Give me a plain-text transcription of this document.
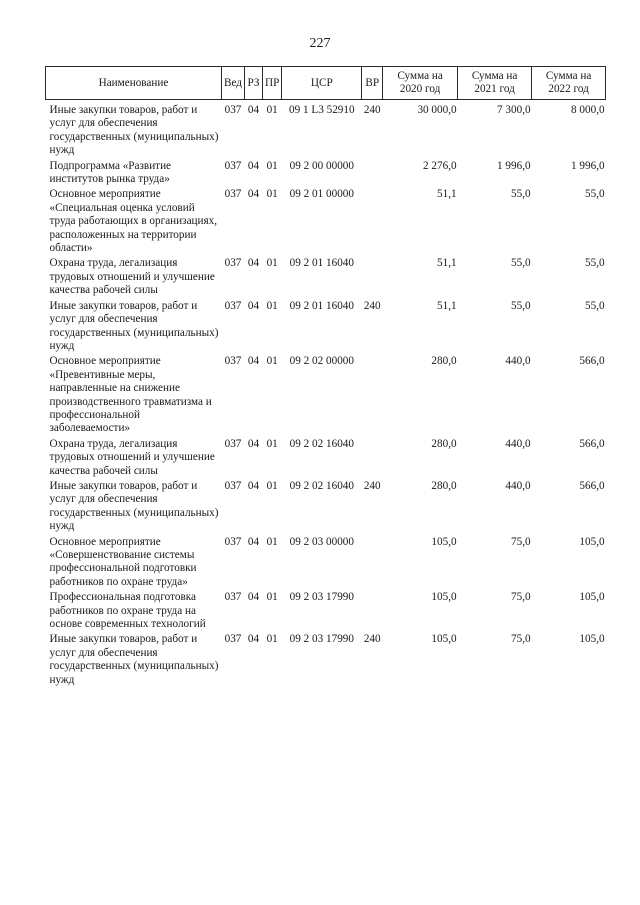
227
Наименование	Вед	РЗ	ПР	ЦСР	ВР	Сумма на 2020 год	Сумма на 2021 год	Сумма на 2022 год
Иные закупки товаров, работ и услуг для обеспечения государственных (муниципальных) нужд	037	04	01	09 1 L3 52910	240	30 000,0	7 300,0	8 000,0
Подпрограмма «Развитие институтов рынка труда»	037	04	01	09 2 00 00000		2 276,0	1 996,0	1 996,0
Основное мероприятие «Специальная оценка условий труда работающих в организациях, расположенных на территории области»	037	04	01	09 2 01 00000		51,1	55,0	55,0
Охрана труда, легализация трудовых отношений и улучшение качества рабочей силы	037	04	01	09 2 01 16040		51,1	55,0	55,0
Иные закупки товаров, работ и услуг для обеспечения государственных (муниципальных) нужд	037	04	01	09 2 01 16040	240	51,1	55,0	55,0
Основное мероприятие «Превентивные меры, направленные на снижение производственного травматизма и профессиональной заболеваемости»	037	04	01	09 2 02 00000		280,0	440,0	566,0
Охрана труда, легализация трудовых отношений и улучшение качества рабочей силы	037	04	01	09 2 02 16040		280,0	440,0	566,0
Иные закупки товаров, работ и услуг для обеспечения государственных (муниципальных) нужд	037	04	01	09 2 02 16040	240	280,0	440,0	566,0
Основное мероприятие «Совершенствование системы профессиональной подготовки работников по охране труда»	037	04	01	09 2 03 00000		105,0	75,0	105,0
Профессиональная подготовка работников по охране труда на основе современных технологий	037	04	01	09 2 03 17990		105,0	75,0	105,0
Иные закупки товаров, работ и услуг для обеспечения государственных (муниципальных) нужд	037	04	01	09 2 03 17990	240	105,0	75,0	105,0
